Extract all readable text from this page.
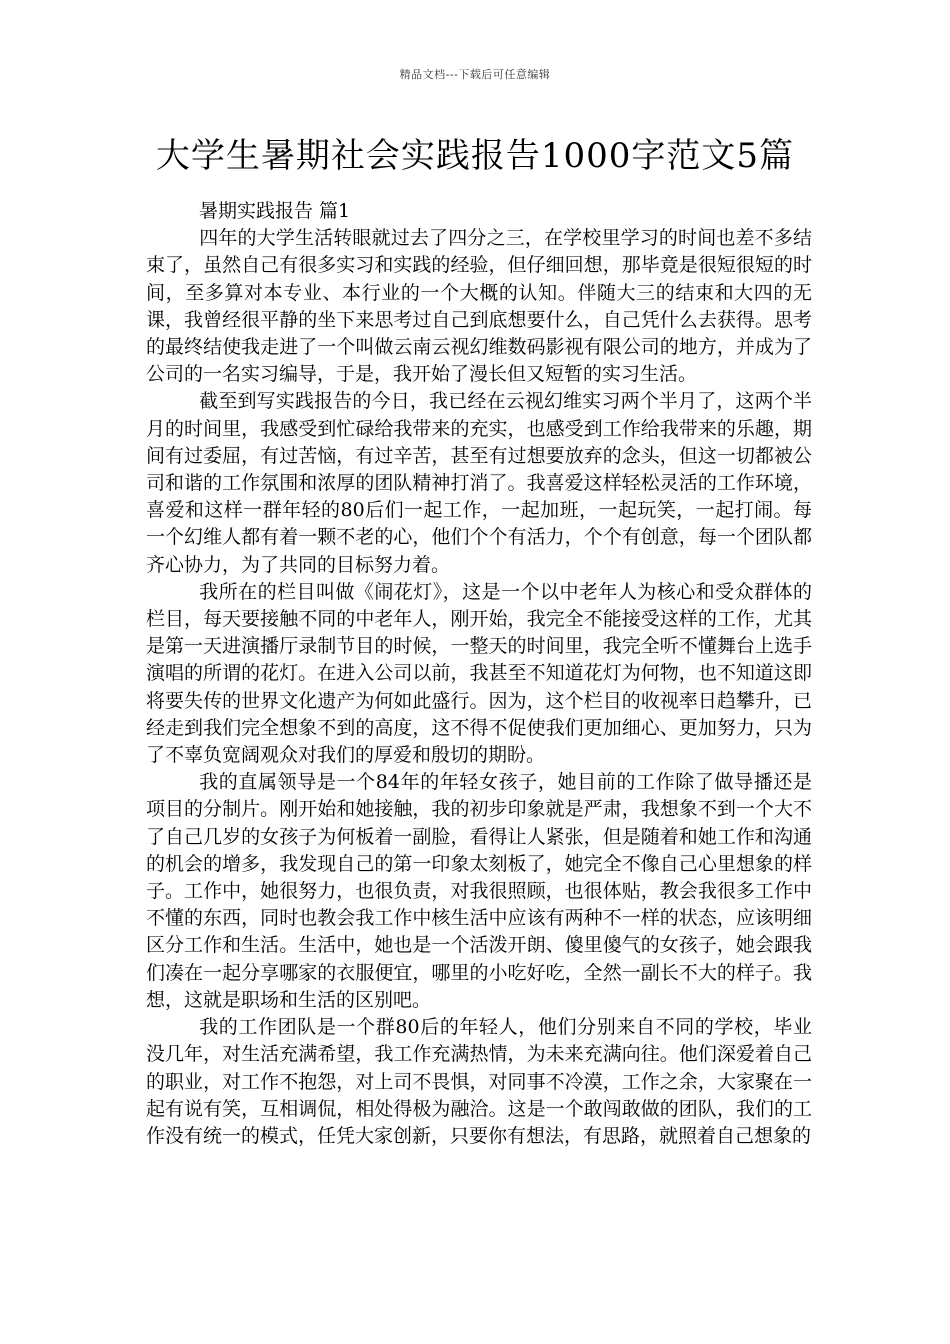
精品文档---下载后可任意编辑
大学生暑期社会实践报告1000字范文5篇

暑期实践报告 篇1

四年的大学生活转眼就过去了四分之三，在学校里学习的时间也差不多结束了，虽然自己有很多实习和实践的经验，但仔细回想，那毕竟是很短很短的时间，至多算对本专业、本行业的一个大概的认知。伴随大三的结束和大四的无课，我曾经很平静的坐下来思考过自己到底想要什么，自己凭什么去获得。思考的最终结使我走进了一个叫做云南云视幻维数码影视有限公司的地方，并成为了公司的一名实习编导，于是，我开始了漫长但又短暂的实习生活。

截至到写实践报告的今日，我已经在云视幻维实习两个半月了，这两个半月的时间里，我感受到忙碌给我带来的充实，也感受到工作给我带来的乐趣，期间有过委屈，有过苦恼，有过辛苦，甚至有过想要放弃的念头，但这一切都被公司和谐的工作氛围和浓厚的团队精神打消了。我喜爱这样轻松灵活的工作环境，喜爱和这样一群年轻的80后们一起工作，一起加班，一起玩笑，一起打闹。每一个幻维人都有着一颗不老的心，他们个个有活力，个个有创意，每一个团队都齐心协力，为了共同的目标努力着。

我所在的栏目叫做《闹花灯》，这是一个以中老年人为核心和受众群体的栏目，每天要接触不同的中老年人，刚开始，我完全不能接受这样的工作，尤其是第一天进演播厅录制节目的时候，一整天的时间里，我完全听不懂舞台上选手演唱的所谓的花灯。在进入公司以前，我甚至不知道花灯为何物，也不知道这即将要失传的世界文化遗产为何如此盛行。因为，这个栏目的收视率日趋攀升，已经走到我们完全想象不到的高度，这不得不促使我们更加细心、更加努力，只为了不辜负宽阔观众对我们的厚爱和殷切的期盼。

我的直属领导是一个84年的年轻女孩子，她目前的工作除了做导播还是项目的分制片。刚开始和她接触，我的初步印象就是严肃，我想象不到一个大不了自己几岁的女孩子为何板着一副脸，看得让人紧张，但是随着和她工作和沟通的机会的增多，我发现自己的第一印象太刻板了，她完全不像自己心里想象的样子。工作中，她很努力，也很负责，对我很照顾，也很体贴，教会我很多工作中不懂的东西，同时也教会我工作中核生活中应该有两种不一样的状态，应该明细区分工作和生活。生活中，她也是一个活泼开朗、傻里傻气的女孩子，她会跟我们凑在一起分享哪家的衣服便宜，哪里的小吃好吃，全然一副长不大的样子。我想，这就是职场和生活的区别吧。

我的工作团队是一个群80后的年轻人，他们分别来自不同的学校，毕业没几年，对生活充满希望，我工作充满热情，为未来充满向往。他们深爱着自己的职业，对工作不抱怨，对上司不畏惧，对同事不冷漠，工作之余，大家聚在一起有说有笑，互相调侃，相处得极为融洽。这是一个敢闯敢做的团队，我们的工作没有统一的模式，任凭大家创新，只要你有想法，有思路，就照着自己想象的
